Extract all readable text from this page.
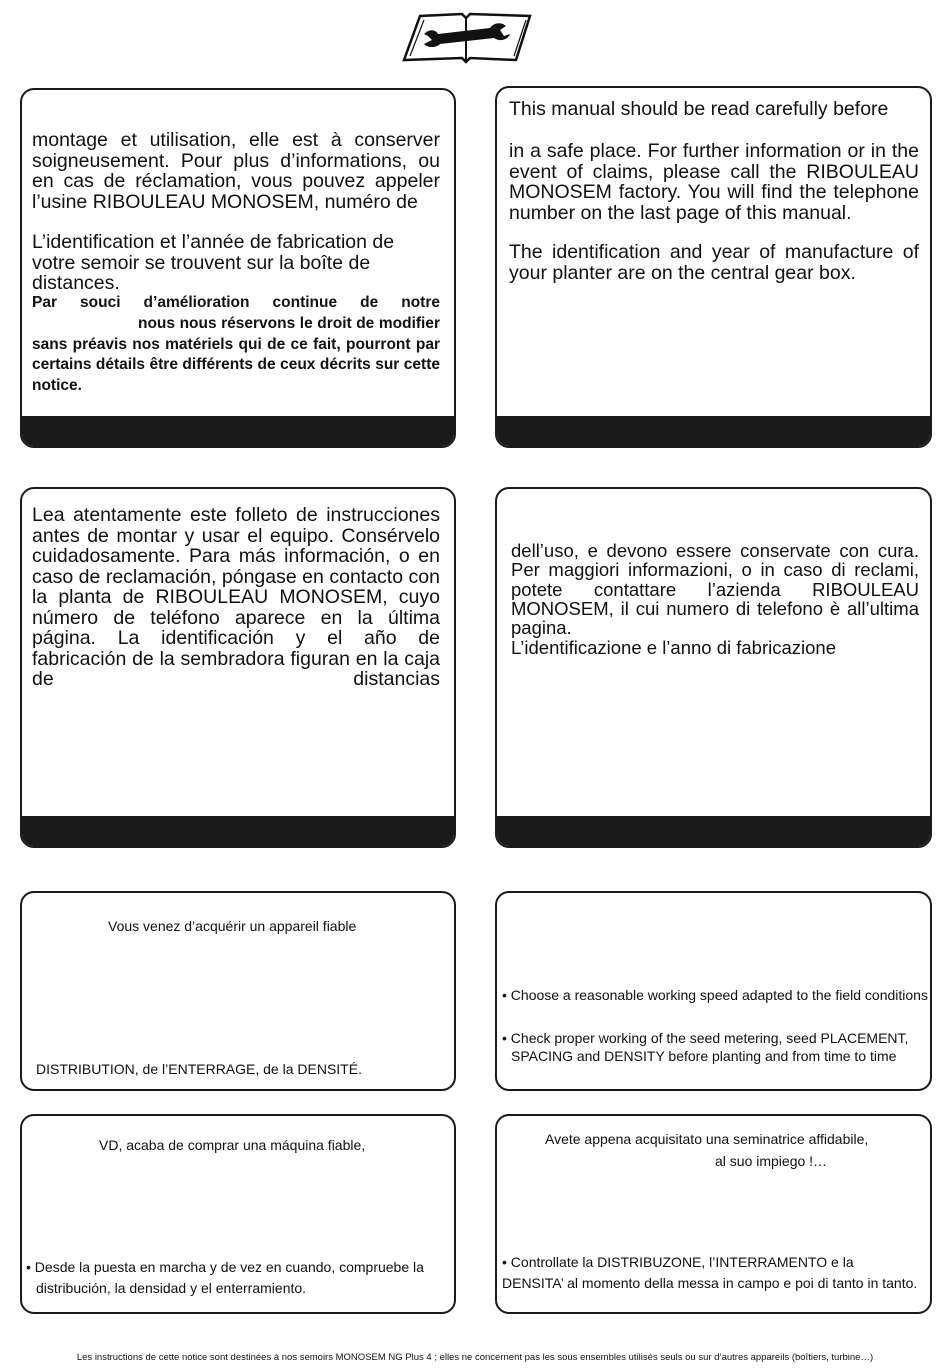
montage et utilisation, elle est à conserver soigneusement. Pour plus d’informations, ou en cas de réclamation, vous pouvez appeler l’usine RIBOULEAU MONOSEM, numéro de

L’identification et l’année de fabrication de votre semoir se trouvent sur la boîte de distances.

Par souci d’amélioration continue de notre

nous nous réservons le droit de modifier sans préavis nos matériels qui de ce fait, pourront par certains détails être différents de ceux décrits sur cette notice.

This manual should be read carefully before

in a safe place. For further information or in the event of claims, please call the RIBOULEAU MONOSEM factory. You will find the telephone number on the last page of this manual.

The identification and year of manufacture of your planter are on the central gear box.

Lea atentamente este folleto de instrucciones antes de montar y usar el equipo. Consérvelo cuidadosamente. Para más información, o en caso de reclamación, póngase en contacto con la planta de RIBOULEAU MONOSEM, cuyo número de teléfono aparece en la última página. La identificación y el año de fabricación de la sembradora figuran en la caja de distancias

dell’uso, e devono essere conservate con cura. Per maggiori informazioni, o in caso di reclami, potete contattare l’azienda RIBOULEAU MONOSEM, il cui numero di telefono è all’ultima pagina.

L’identificazione e l’anno di fabricazione

Vous venez d’acquérir un appareil fiable

DISTRIBUTION, de l’ENTERRAGE, de la DENSITÉ.

• Choose a reasonable working speed adapted to the field conditions

• Check proper working of the seed metering, seed PLACEMENT,

SPACING and DENSITY before planting and from time to time

VD, acaba de comprar una máquina fiable,

• Desde la puesta en marcha y de vez en cuando, compruebe la

distribución, la densidad y el enterramiento.

Avete appena acquisitato una seminatrice affidabile,

al suo impiego !…

• Controllate la DISTRIBUZONE, l’INTERRAMENTO e la

DENSITA’ al momento della messa in campo e poi di tanto in tanto.

Les instructions de cette notice sont destinées à nos semoirs MONOSEM NG Plus 4 ; elles ne concernent pas les sous ensembles utilisés seuls ou sur d’autres appareils (boîtiers, turbine…)
